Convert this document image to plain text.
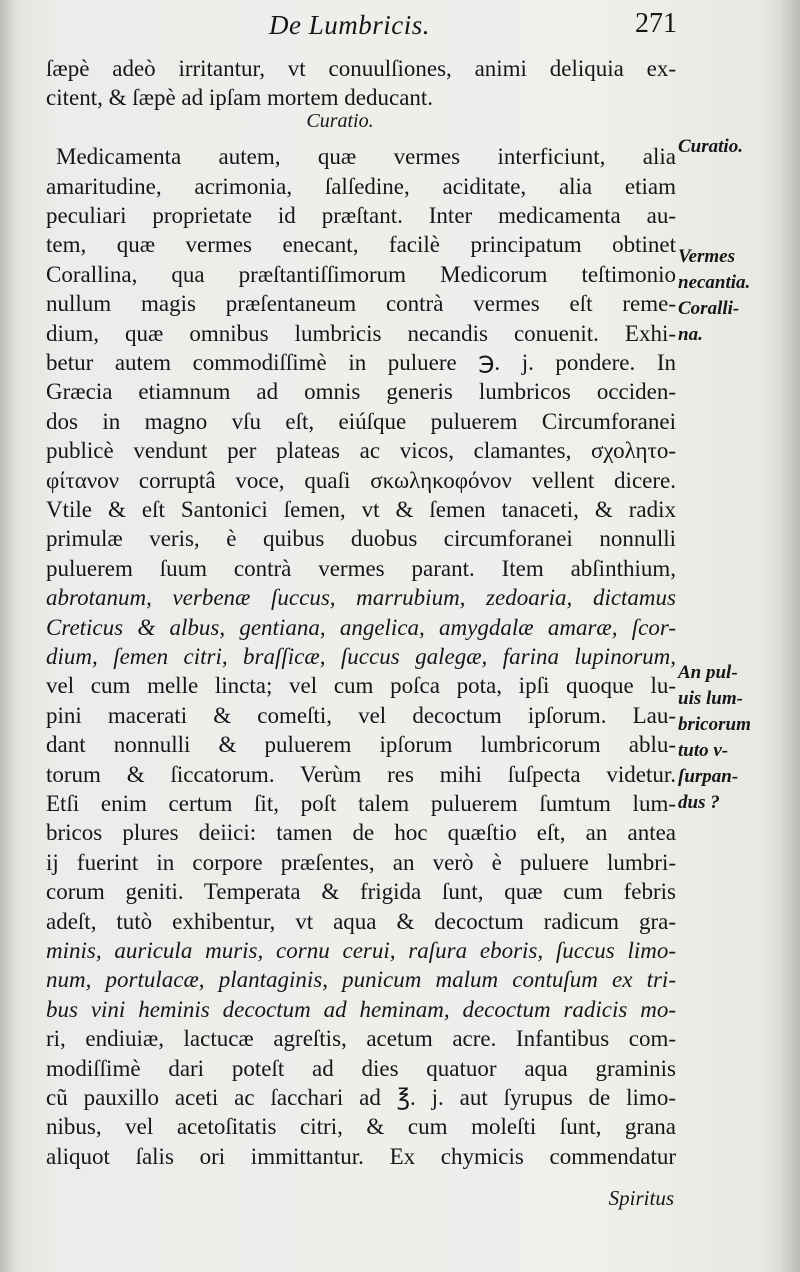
De Lumbricis.	271

Curatio.
ſæpè adeò irritantur, vt conuulſiones, animi deliquia ex-
citent, & ſæpè ad ipſam mortem deducant.
Medicamenta autem, quæ vermes interficiunt, alia
amaritudine, acrimonia, ſalſedine, aciditate, alia etiam
peculiari proprietate id præſtant. Inter medicamenta au-
tem, quæ vermes enecant, facilè principatum obtinet
Corallina, qua præſtantiſſimorum Medicorum teſtimonio
nullum magis præſentaneum contrà vermes eſt reme-
dium, quæ omnibus lumbricis necandis conuenit. Exhi-
betur autem commodiſſimè in puluere ℈. j. pondere. In
Græcia etiamnum ad omnis generis lumbricos occiden-
dos in magno vſu eſt, eiúſque puluerem Circumforanei
publicè vendunt per plateas ac vicos, clamantes, σχολητο-
φίτανον corruptâ voce, quaſi σκωληκοφόνον vellent dicere.
Vtile & eſt Santonici ſemen, vt & ſemen tanaceti, & radix
primulæ veris, è quibus duobus circumforanei nonnulli
puluerem ſuum contrà vermes parant. Item abſinthium,
abrotanum, verbenæ ſuccus, marrubium, zedoaria, dictamus
Creticus & albus, gentiana, angelica, amygdalæ amaræ, ſcor-
dium, ſemen citri, braſſicæ, ſuccus galegæ, farina lupinorum,
vel cum melle lincta; vel cum poſca pota, ipſi quoque lu-
pini macerati & comeſti, vel decoctum ipſorum. Lau-
dant nonnulli & puluerem ipſorum lumbricorum ablu-
torum & ſiccatorum. Verùm res mihi ſuſpecta videtur.
Etſi enim certum ſit, poſt talem puluerem ſumtum lum-
bricos plures deiici: tamen de hoc quæſtio eſt, an antea
ij fuerint in corpore præſentes, an verò è puluere lumbri-
corum geniti. Temperata & frigida ſunt, quæ cum febris
adeſt, tutò exhibentur, vt aqua & decoctum radicum gra-
minis, auricula muris, cornu cerui, raſura eboris, ſuccus limo-
num, portulacæ, plantaginis, punicum malum contuſum ex tri-
bus vini heminis decoctum ad heminam, decoctum radicis mo-
ri, endiuiæ, lactucæ agreſtis, acetum acre. Infantibus com-
modiſſimè dari poteſt ad dies quatuor aqua graminis
cũ pauxillo aceti ac ſacchari ad ℥. j. aut ſyrupus de limo-
nibus, vel acetoſitatis citri, & cum moleſti ſunt, grana
aliquot ſalis ori immittantur. Ex chymicis commendatur
Spiritus
Curatio.
Vermes
necantia.
Coralli-
na.
An pul-
uis lum-
bricorum
tuto v-
ſurpan-
dus ?
